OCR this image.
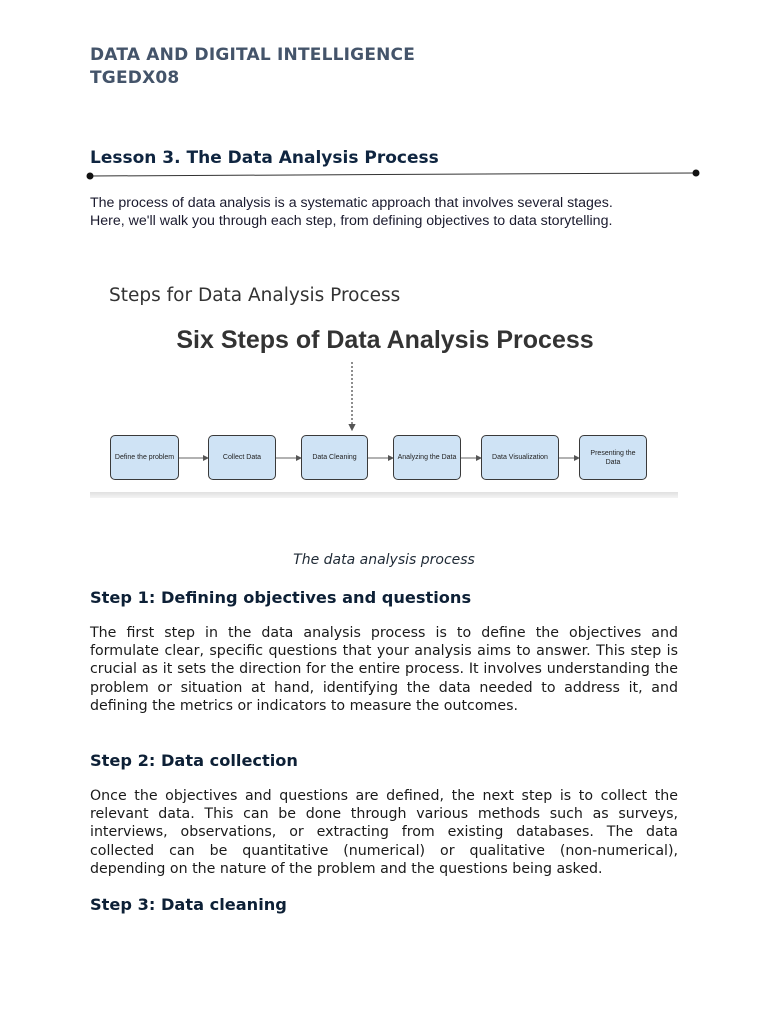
DATA AND DIGITAL INTELLIGENCE
TGEDX08
Lesson 3. The Data Analysis Process

The process of data analysis is a systematic approach that involves several stages.

Here, we'll walk you through each step, from defining objectives to data storytelling.

Steps for Data Analysis Process
Six Steps of Data Analysis Process
Define the problem	Collect Data	Data Cleaning	Analyzing the Data	Data Visualization
Presenting the Data
The data analysis process
Step 1: Defining objectives and questions

The first step in the data analysis process is to define the objectives and formulate clear, specific questions that your analysis aims to answer. This step is crucial as it sets the direction for the entire process. It involves understanding the problem or situation at hand, identifying the data needed to address it, and defining the metrics or indicators to measure the outcomes.

Step 2: Data collection

Once the objectives and questions are defined, the next step is to collect the relevant data. This can be done through various methods such as surveys, interviews, observations, or extracting from existing databases. The data collected can be quantitative (numerical) or qualitative (non-numerical), depending on the nature of the problem and the questions being asked.

Step 3: Data cleaning
